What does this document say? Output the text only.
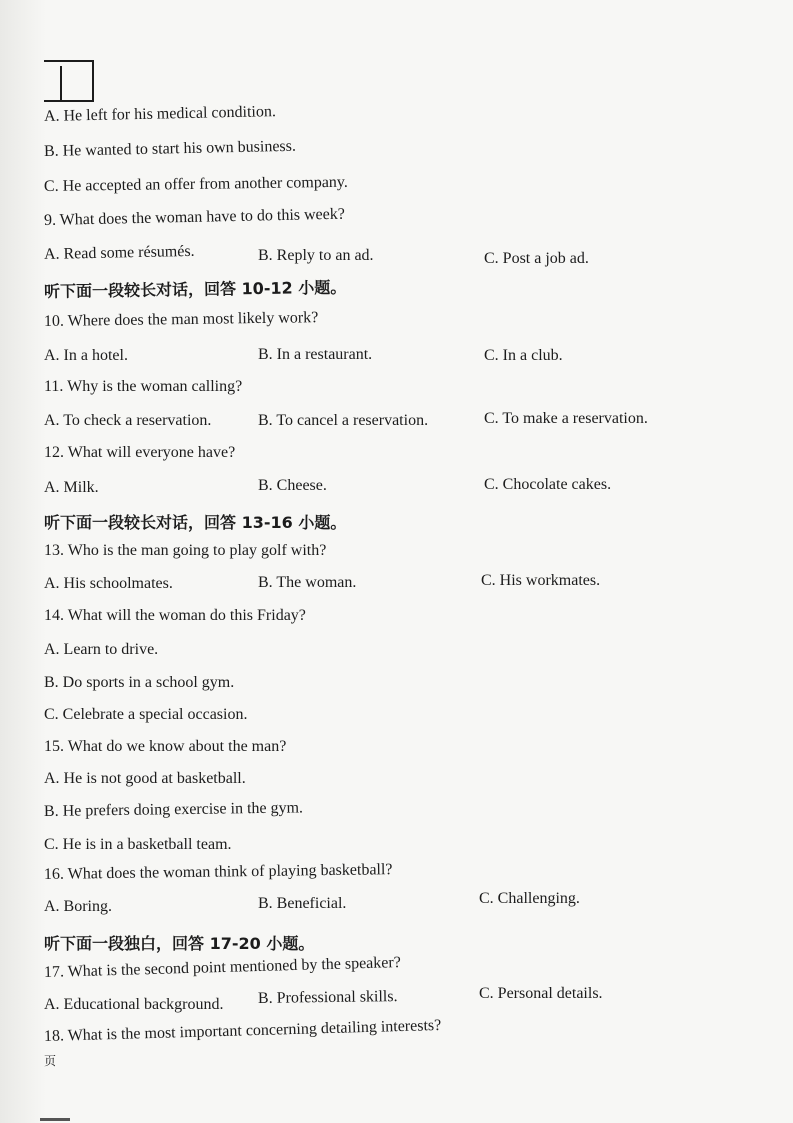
A. He left for his medical condition.
B. He wanted to start his own business.
C. He accepted an offer from another company.
9. What does the woman have to do this week?
A. Read some résumés.	B. Reply to an ad.	C. Post a job ad.
听下面一段较长对话，回答 10-12 小题。
10. Where does the man most likely work?
A. In a hotel.	B. In a restaurant.	C. In a club.
11. Why is the woman calling?
A. To check a reservation.	B. To cancel a reservation.	C. To make a reservation.
12. What will everyone have?
A. Milk.	B. Cheese.	C. Chocolate cakes.
听下面一段较长对话，回答 13-16 小题。
13. Who is the man going to play golf with?
A. His schoolmates.	B. The woman.	C. His workmates.
14. What will the woman do this Friday?
A. Learn to drive.
B. Do sports in a school gym.
C. Celebrate a special occasion.
15. What do we know about the man?
A. He is not good at basketball.
B. He prefers doing exercise in the gym.
C. He is in a basketball team.
16. What does the woman think of playing basketball?
A. Boring.	B. Beneficial.	C. Challenging.
听下面一段独白，回答 17-20 小题。
17. What is the second point mentioned by the speaker?
A. Educational background. B. Professional skills.	C. Personal details.
18. What is the most important concerning detailing interests?
页
